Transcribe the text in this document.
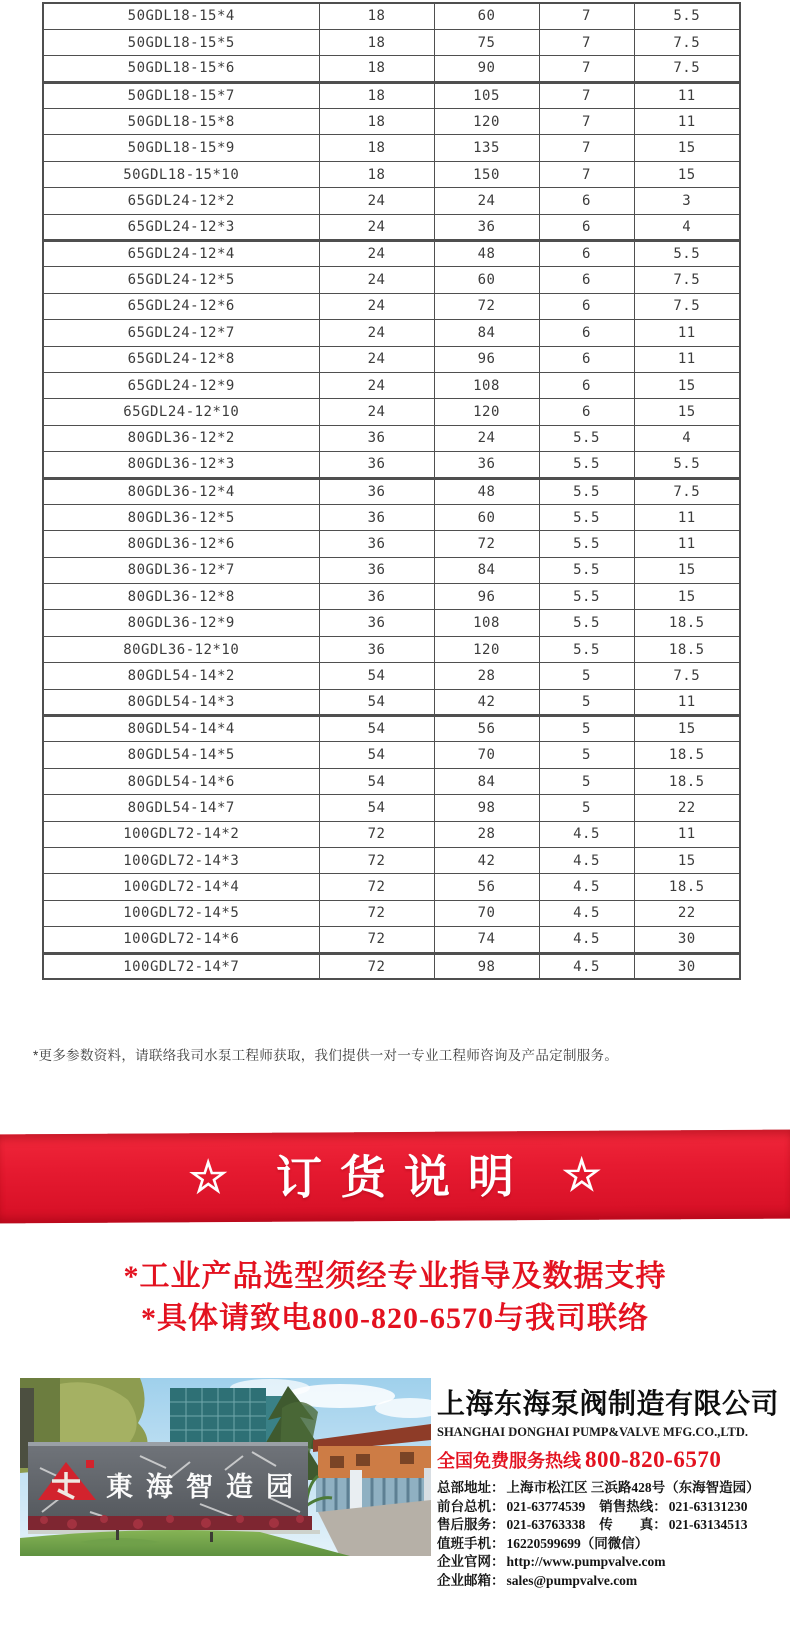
50GDL18-15*4	18	60	7	5.5
50GDL18-15*5	18	75	7	7.5
50GDL18-15*6	18	90	7	7.5
50GDL18-15*7	18	105	7	11
50GDL18-15*8	18	120	7	11
50GDL18-15*9	18	135	7	15
50GDL18-15*10	18	150	7	15
65GDL24-12*2	24	24	6	3
65GDL24-12*3	24	36	6	4
65GDL24-12*4	24	48	6	5.5
65GDL24-12*5	24	60	6	7.5
65GDL24-12*6	24	72	6	7.5
65GDL24-12*7	24	84	6	11
65GDL24-12*8	24	96	6	11
65GDL24-12*9	24	108	6	15
65GDL24-12*10	24	120	6	15
80GDL36-12*2	36	24	5.5	4
80GDL36-12*3	36	36	5.5	5.5
80GDL36-12*4	36	48	5.5	7.5
80GDL36-12*5	36	60	5.5	11
80GDL36-12*6	36	72	5.5	11
80GDL36-12*7	36	84	5.5	15
80GDL36-12*8	36	96	5.5	15
80GDL36-12*9	36	108	5.5	18.5
80GDL36-12*10	36	120	5.5	18.5
80GDL54-14*2	54	28	5	7.5
80GDL54-14*3	54	42	5	11
80GDL54-14*4	54	56	5	15
80GDL54-14*5	54	70	5	18.5
80GDL54-14*6	54	84	5	18.5
80GDL54-14*7	54	98	5	22
100GDL72-14*2	72	28	4.5	11
100GDL72-14*3	72	42	4.5	15
100GDL72-14*4	72	56	4.5	18.5
100GDL72-14*5	72	70	4.5	22
100GDL72-14*6	72	74	4.5	30
100GDL72-14*7	72	98	4.5	30

*更多参数资料，请联络我司水泵工程师获取，我们提供一对一专业工程师咨询及产品定制服务。

☆	订货说明 ☆
*工业产品选型须经专业指导及数据支持
*具体请致电800-820-6570与我司联络
東海智造园
上海东海泵阀制造有限公司
SHANGHAI DONGHAI PUMP&VALVE MFG.CO.,LTD.
全国免费服务热线 800-820-6570
总部地址： 上海市松江区 三浜路428号（东海智造园）
前台总机： 021-63774539 销售热线： 021-63131230
售后服务： 021-63763338 传　　真： 021-63134513
值班手机： 16220599699（同微信）
企业官网： http://www.pumpvalve.com
企业邮箱： sales@pumpvalve.com
